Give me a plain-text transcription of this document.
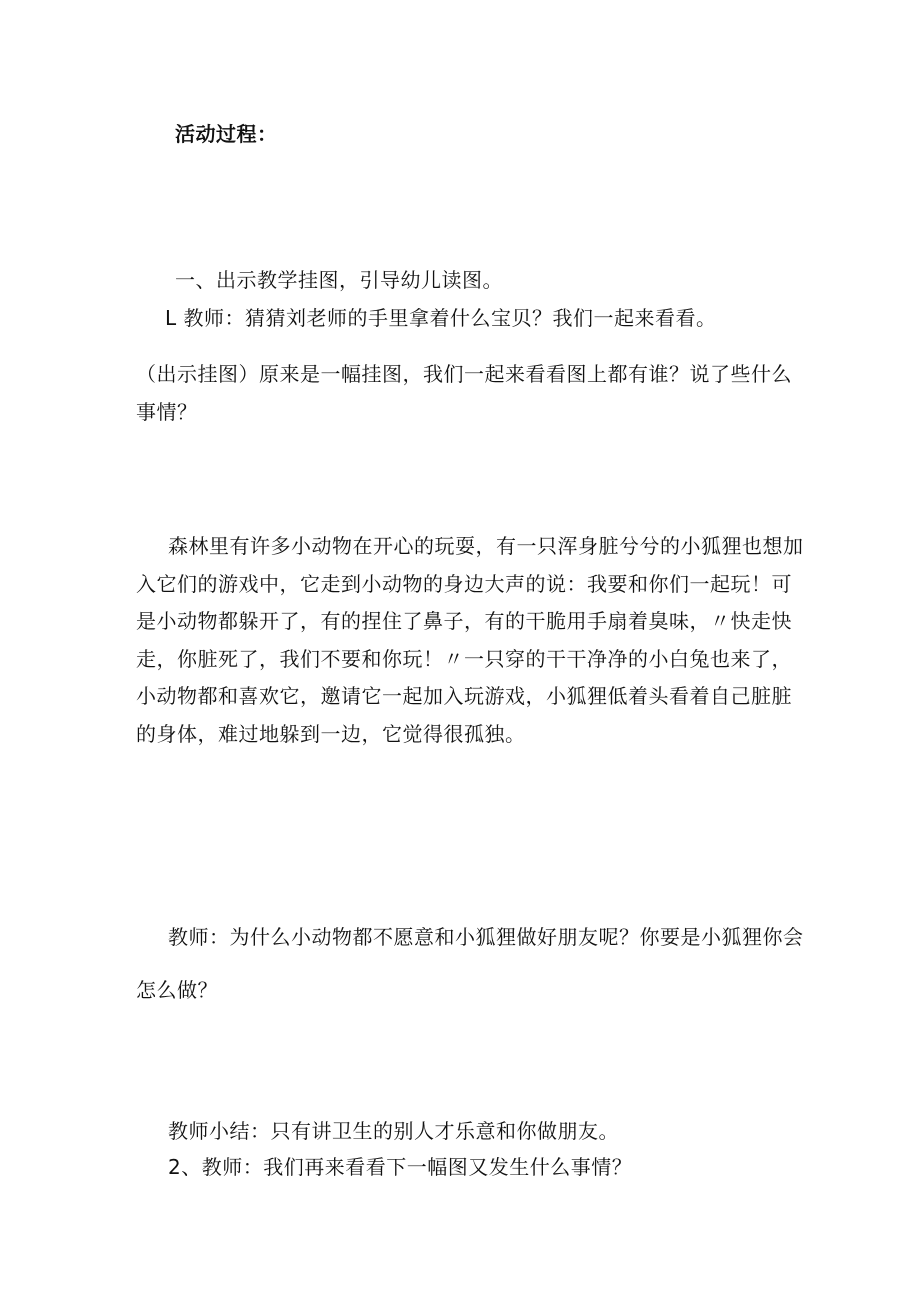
活动过程：
一、出示教学挂图，引导幼儿读图。
L 教师：猜猜刘老师的手里拿着什么宝贝？我们一起来看看。
（出示挂图）原来是一幅挂图，我们一起来看看图上都有谁？说了些什么
事情？
森林里有许多小动物在开心的玩耍，有一只浑身脏兮兮的小狐狸也想加
入它们的游戏中，它走到小动物的身边大声的说：我要和你们一起玩！可
是小动物都躲开了，有的捏住了鼻子，有的干脆用手扇着臭味，〃快走快
走，你脏死了，我们不要和你玩！〃一只穿的干干净净的小白兔也来了，
小动物都和喜欢它，邀请它一起加入玩游戏，小狐狸低着头看着自己脏脏
的身体，难过地躲到一边，它觉得很孤独。
教师：为什么小动物都不愿意和小狐狸做好朋友呢？你要是小狐狸你会
怎么做？
教师小结：只有讲卫生的别人才乐意和你做朋友。
2、教师：我们再来看看下一幅图又发生什么事情？
